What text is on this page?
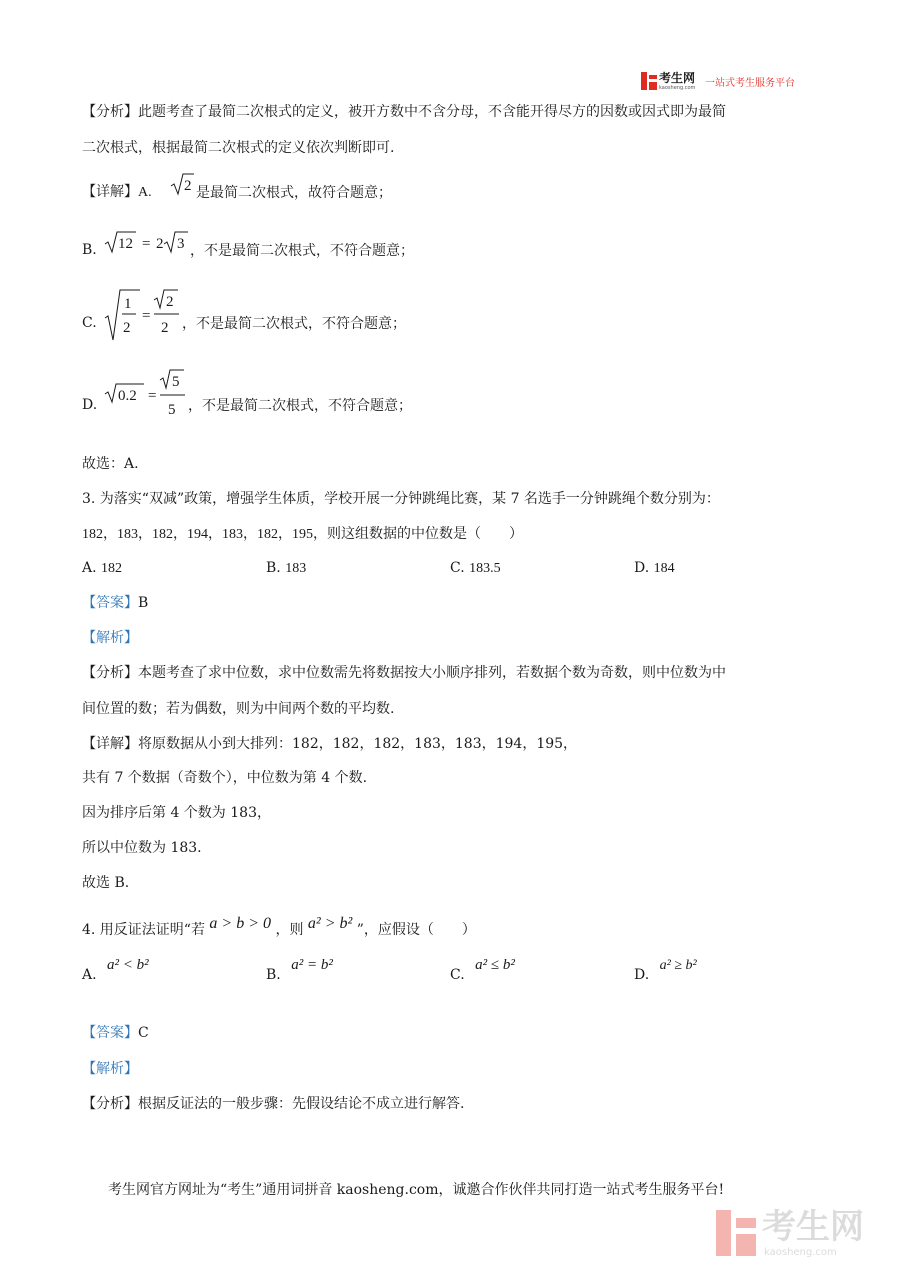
考生网
kaosheng.com 一站式考生服务平台
【分析】此题考查了最简二次根式的定义，被开方数中不含分母，不含能开得尽方的因数或因式即为最简
二次根式，根据最简二次根式的定义依次判断即可.
【详解】A. 2 是最简二次根式，故符合题意；
B. 12 = 2 3 ，不是最简二次根式，不符合题意；
C.
1
2
=
2
2 ，不是最简二次根式，不符合题意；
D.
0.2 =
5
5 ，不是最简二次根式，不符合题意；
故选：A.
3. 为落实“双减”政策，增强学生体质，学校开展一分钟跳绳比赛，某 7 名选手一分钟跳绳个数分别为：
182，183，182，194，183，182，195，则这组数据的中位数是（　　）
A. 182	B. 183	C. 183.5	D. 184
【答案】B
【解析】
【分析】本题考查了求中位数，求中位数需先将数据按大小顺序排列，若数据个数为奇数，则中位数为中
间位置的数；若为偶数，则为中间两个数的平均数.
【详解】将原数据从小到大排列：182，182，182，183，183，194，195，
共有 7 个数据（奇数个），中位数为第 4 个数.
因为排序后第 4 个数为 183，
所以中位数为 183.
故选 B.
4. 用反证法证明“若 a > b > 0 ，则 a² > b² ”，应假设（　　）
A. a² < b²
B. a² = b²
C. a² ≤ b²
D. a² ≥ b²
【答案】C
【解析】
【分析】根据反证法的一般步骤：先假设结论不成立进行解答.
考生网官方网址为“考生”通用词拼音 kaosheng.com，诚邀合作伙伴共同打造一站式考生服务平台!
考生网
kaosheng.com
